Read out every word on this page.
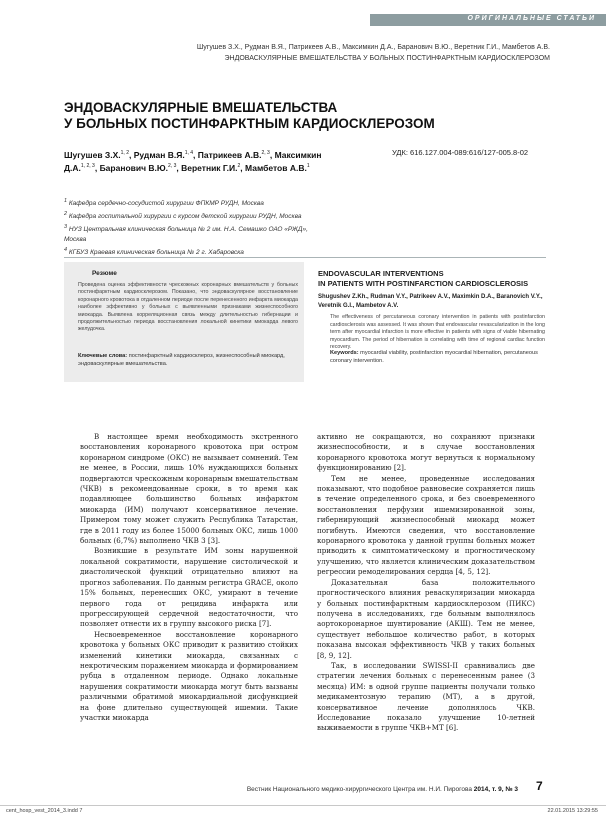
ОРИГИНАЛЬНЫЕ СТАТЬИ
Шугушев З.Х., Рудман В.Я., Патрикеев А.В., Максимкин Д.А., Баранович В.Ю., Веретник Г.И., Мамбетов А.В.
ЭНДОВАСКУЛЯРНЫЕ ВМЕШАТЕЛЬСТВА У БОЛЬНЫХ ПОСТИНФАРКТНЫМ КАРДИОСКЛЕРОЗОМ
ЭНДОВАСКУЛЯРНЫЕ ВМЕШАТЕЛЬСТВА
У БОЛЬНЫХ ПОСТИНФАРКТНЫМ КАРДИОСКЛЕРОЗОМ
Шугушев З.Х.$^{1, 2}$, Рудман В.Я.$^{1, 4}$, Патрикеев А.В.$^{2, 3}$, Максимкин Д.А.$^{1, 2, 3}$, Баранович В.Ю.$^{2, 3}$, Веретник Г.И.$^2$, Мамбетов А.В.$^1$
УДК: 616.127.004-089:616/127-005.8-02

$^1$ Кафедра сердечно-сосудистой хирургии ФПКМР РУДН, Москва

$^2$ Кафедра госпитальной хирургии с курсом детской хирургии РУДН, Москва

$^3$ НУЗ Центральная клиническая больница № 2 им. Н.А. Семашко ОАО «РЖД», Москва

$^4$ КГБУЗ Краевая клиническая больница № 2 г. Хабаровска

Резюме
Проведена оценка эффективности чрескожных коронарных вмешательств у больных постинфарктным кардиосклерозом. Показано, что эндоваскулярное восстановление коронарного кровотока в отдаленном периоде после перенесенного инфаркта миокарда наиболее эффективно у больных с выявленными признаками жизнеспособного миокарда. Выявлена корреляционная связь между длительностью гибернации и продолжительностью периода восстановления локальной кинетики миокарда левого желудочка.
Ключевые слова: постинфарктный кардиосклероз, жизнеспособный миокард, эндоваскулярные вмешательства.
ENDOVASCULAR INTERVENTIONS
IN PATIENTS WITH POSTINFARCTION CARDIOSCLEROSIS
Shugushev Z.Kh., Rudman V.Y., Patrikeev A.V., Maximkin D.A., Baranovich V.Y., Veretnik G.I., Mambetov A.V.
The effectiveness of percutaneous coronary intervention in patients with postinfarction cardiosclerosis was assessed. It was shown that endovascular revascularization in the long term after myocardial infarction is more effective in patients with signs of viable hibernating myocardium. The period of hibernation is correlating with time of regional cardiac function recovery.
Keywords: myocardial viability, postinfarction myocardial hibernation, percutaneous coronary intervention.

В настоящее время необходимость экстренного восстановления коронарного кровотока при остром коронарном синдроме (ОКС) не вызывает сомнений. Тем не менее, в России, лишь 10% нуждающихся больных подвергаются чрескожным коронарным вмешательствам (ЧКВ) в рекомендованные сроки, в то время как подавляющее большинство больных инфарктом миокарда (ИМ) получают консервативное лечение. Примером тому может служить Республика Татарстан, где в 2011 году из более 15000 больных ОКС, лишь 1000 больных (6,7%) выполнено ЧКВ 3 [3].

Возникшие в результате ИМ зоны нарушенной локальной сократимости, нарушение систолической и диастолической функций отрицательно влияют на прогноз заболевания. По данным регистра GRACE, около 15% больных, перенесших ОКС, умирают в течение первого года от рецидива инфаркта или прогрессирующей сердечной недостаточности, что позволяет отнести их в группу высокого риска [7].

Несвоевременное восстановление коронарного кровотока у больных ОКС приводит к развитию стойких изменений кинетики миокарда, связанных с некротическим поражением миокарда и формированием рубца в отдаленном периоде. Однако локальные нарушения сократимости миокарда могут быть вызваны различными обратимой миокардиальной дисфункцией на фоне длительно существующей ишемии. Такие участки миокарда

активно не сокращаются, но сохраняют признаки жизнеспособности, и в случае восстановления коронарного кровотока могут вернуться к нормальному функционированию [2].

Тем не менее, проведенные исследования показывают, что подобное равновесие сохраняется лишь в течение определенного срока, и без своевременного восстановления перфузии ишемизированной зоны, гибернирующий жизнеспособный миокард может погибнуть. Имеются сведения, что восстановление коронарного кровотока у данной группы больных может приводить к симптоматическому и прогностическому улучшению, что является клиническим доказательством регрессии ремоделирования сердца [4, 5, 12].

Доказательная база положительного прогностического влияния реваскуляризации миокарда у больных постинфарктным кардиосклерозом (ПИКС) получена в исследованиях, где больным выполнялось аортокоронарное шунтирование (АКШ). Тем не менее, существует небольшое количество работ, в которых показана высокая эффективность ЧКВ у таких больных [8, 9, 12].

Так, в исследовании SWISSI-II сравнивались две стратегии лечения больных с перенесенным ранее (3 месяца) ИМ: в одной группе пациенты получали только медикаментозную терапию (МТ), а в другой, консервативное лечение дополнялось ЧКВ. Исследование показало улучшение 10-летней выживаемости в группе ЧКВ+МТ [6].

Вестник Национального медико-хирургического Центра им. Н.И. Пирогова 2014, т. 9, № 3 7
cent_hosp_vest_2014_3.indd 7	22.01.2015 13:29:55
